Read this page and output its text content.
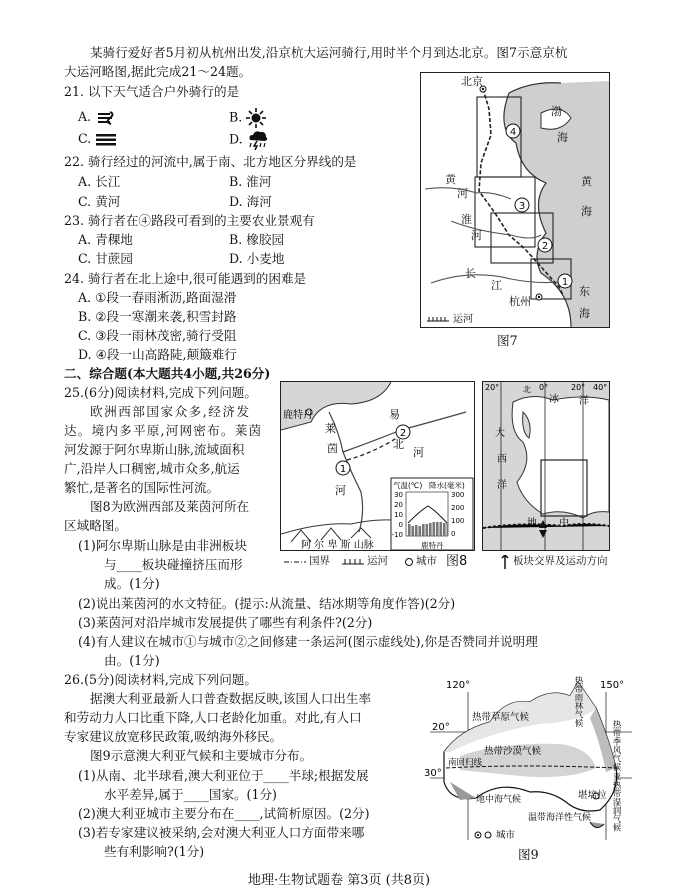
某骑行爱好者5月初从杭州出发,沿京杭大运河骑行,用时半个月到达北京。图7示意京杭
大运河略图,据此完成21～24题。
21. 以下天气适合户外骑行的是
A.	B.
C.	D.
22. 骑行经过的河流中,属于南、北方地区分界线的是
A. 长江	B. 淮河
C. 黄河	D. 海河
23. 骑行者在④路段可看到的主要农业景观有
A. 青稞地	B. 橡胶园
C. 甘蔗园	D. 小麦地
24. 骑行者在北上途中,很可能遇到的困难是
A. ①段一春雨淅沥,路面湿滑
B. ②段一寒潮来袭,积雪封路
C. ③段一雨林茂密,骑行受阻
D. ④段一山高路陡,颠簸难行
4
3
2
1
北京
杭州
渤
海
黄
海
东
海
黄
河
淮
河
长
江
运河
图7
二、综合题(本大题共4小题,共26分)
25.(6分)阅读材料,完成下列问题。
欧洲西部国家众多,经济发
达。境内多平原,河网密布。莱茵
河发源于阿尔卑斯山脉,流域面积
广,沿岸人口稠密,城市众多,航运
繁忙,是著名的国际性河流。
图8为欧洲西部及莱茵河所在
区域略图。
(1)阿尔卑斯山脉是由非洲板块
与____板块碰撞挤压而形
成。(1分)
(2)说出莱茵河的水文特征。(提示:从流量、结冰期等角度作答)(2分)
(3)莱茵河对沿岸城市发展提供了哪些有利条件?(2分)
(4)有人建议在城市①与城市②之间修建一条运河(图示虚线处),你是否赞同并说明理
由。(1分)
1
2
鹿特丹
莱
茵
河
易
北
河
阿 尔 卑 斯 山脉
气温(℃) 降水(毫米)
鹿特丹
30
20
10
0
-10
300
200
100
0
20°	北 0°	20° 40°
冰 洋
大
西
洋
地 中
国界	运河	城市 图8	板块交界及运动方向
26.(5分)阅读材料,完成下列问题。
据澳大利亚最新人口普查数据反映,该国人口出生率
和劳动力人口比重下降,人口老龄化加重。对此,有人口
专家建议放宽移民政策,吸纳海外移民。
图9示意澳大利亚气候和主要城市分布。
(1)从南、北半球看,澳大利亚位于____半球;根据发展
水平差异,属于____国家。(1分)
(2)澳大利亚城市主要分布在____,试简析原因。(2分)
(3)若专家建议被采纳,会对澳大利亚人口方面带来哪
些有利影响?(1分)
120°	150°
20°
30°
热带草原气候
热带沙漠气候
南回归线
地中海气候	堪培拉
温带海洋性气候
城市
热带雨林气候
热带季风气候
亚热带湿润气候
图9
地理·生物试题卷 第3页 (共8页)
